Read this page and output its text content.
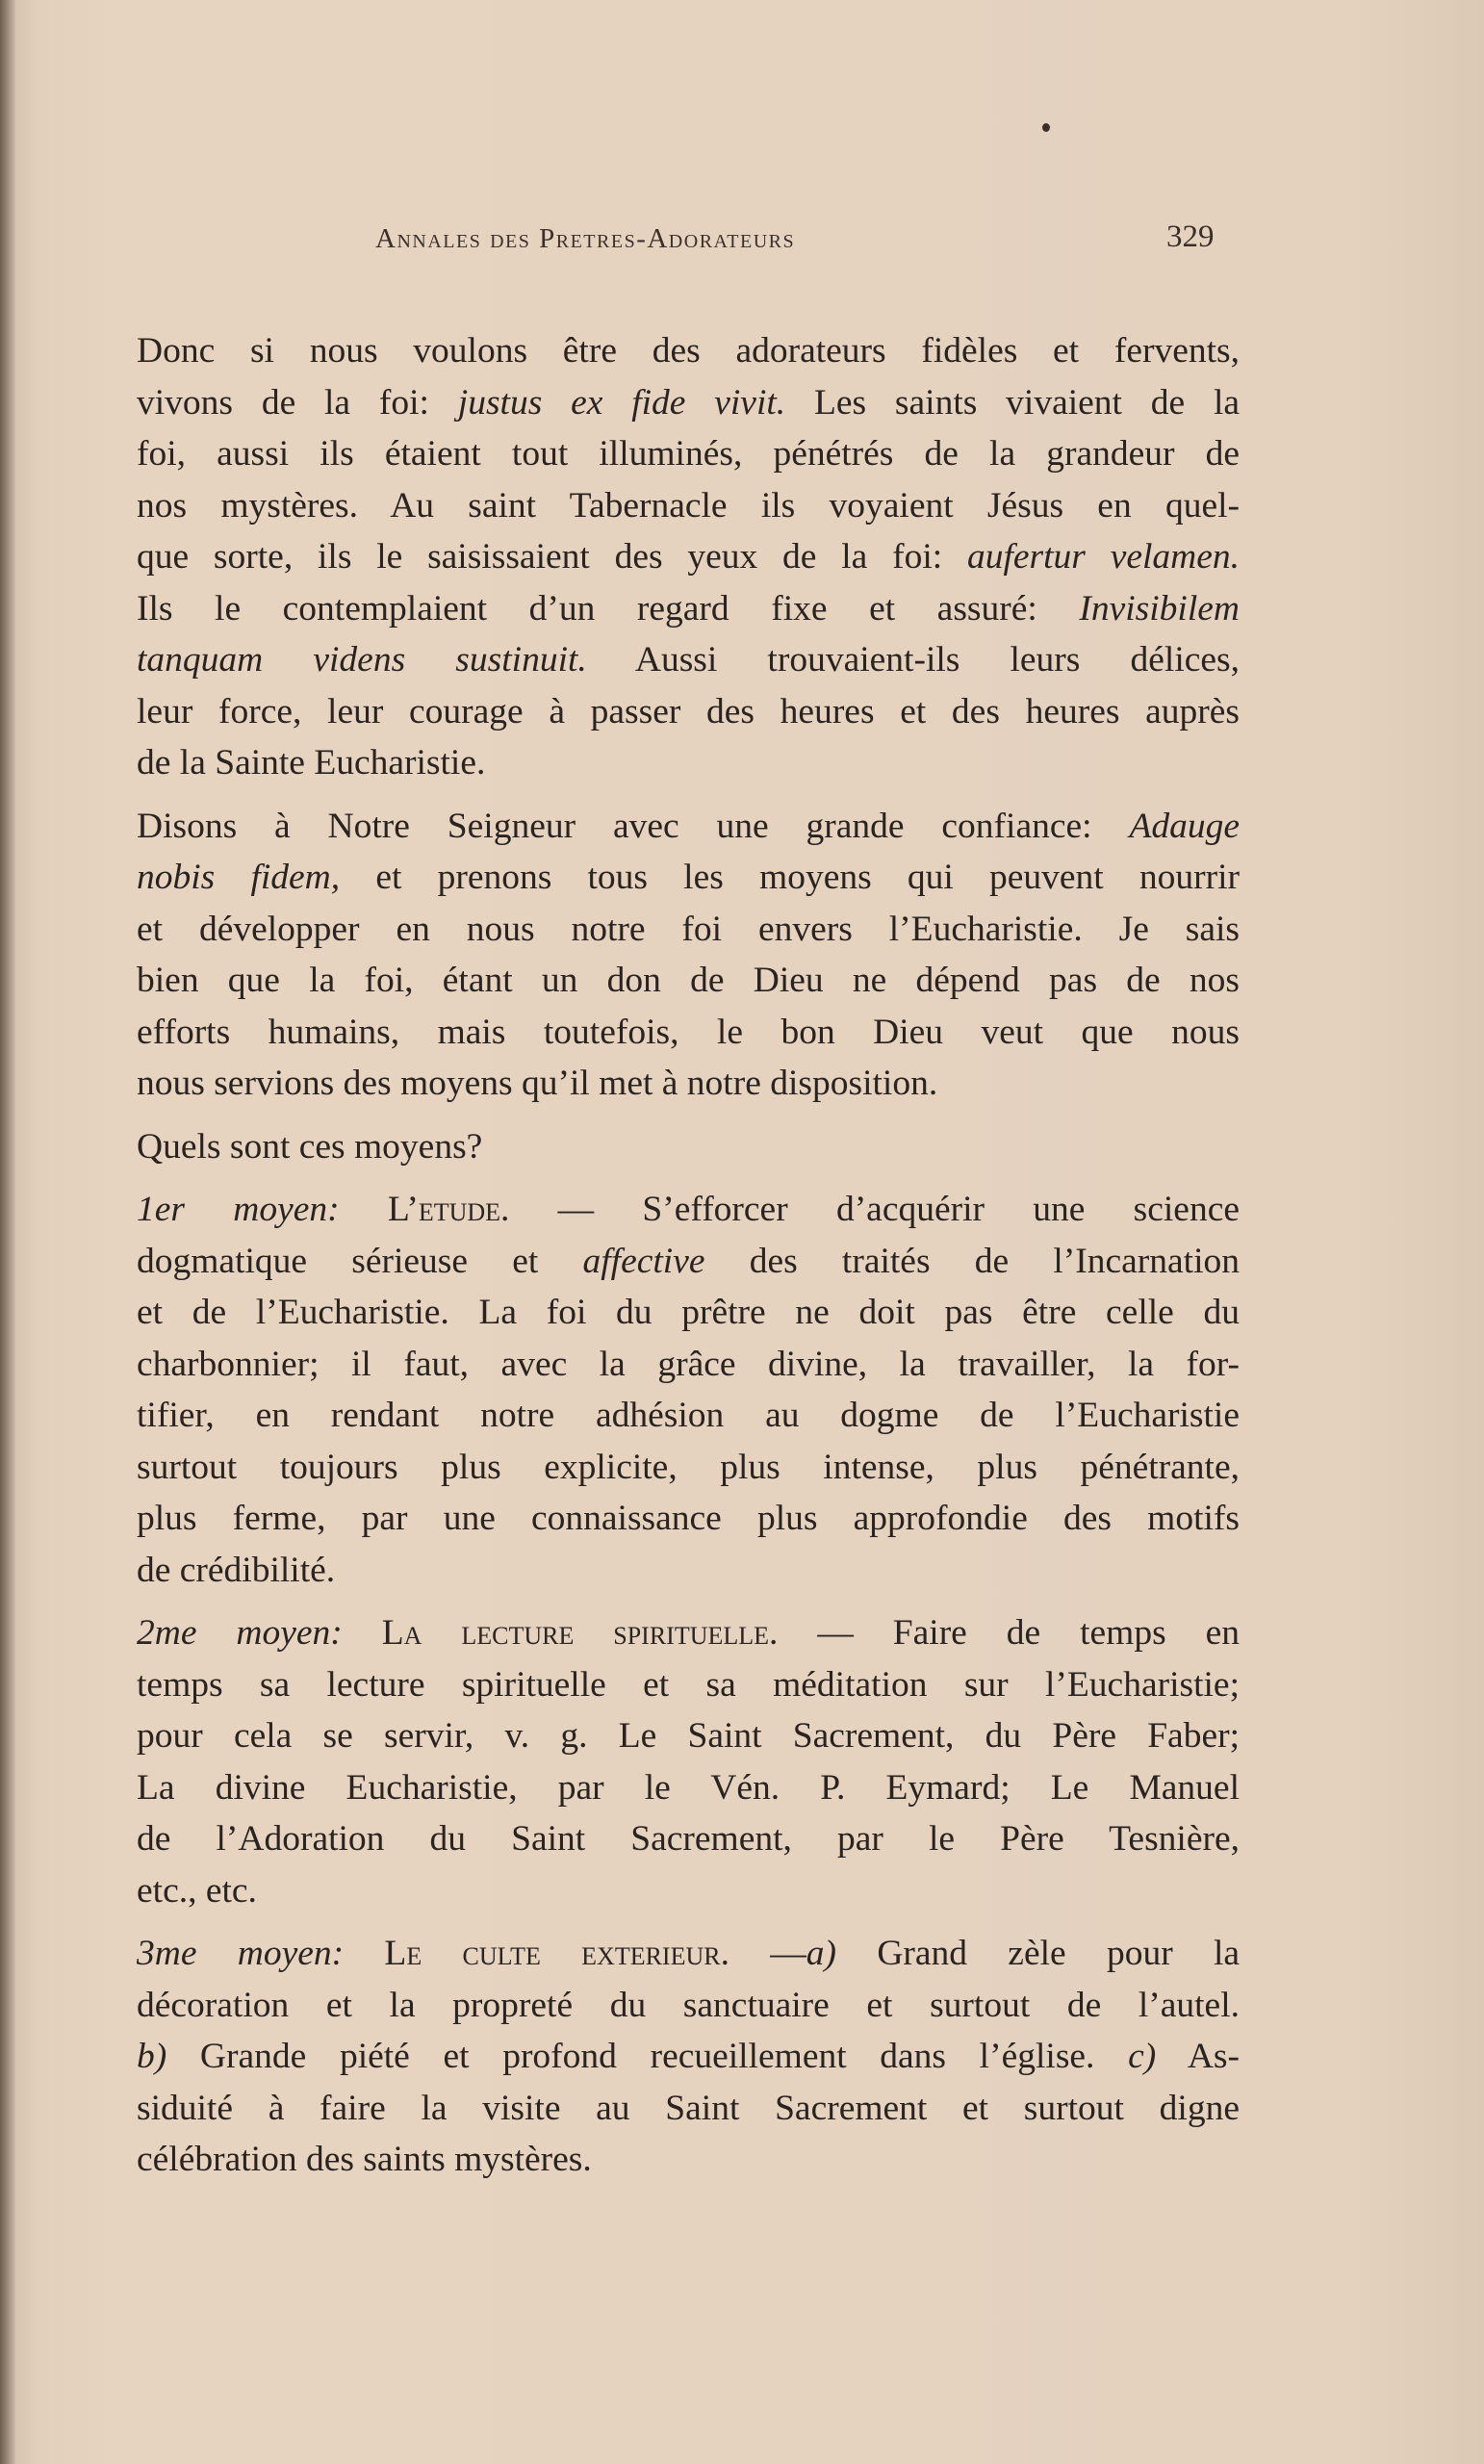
Annales des Pretres-Adorateurs	329

Donc si nous voulons être des adorateurs fidèles et fervents,
vivons de la foi: justus ex fide vivit. Les saints vivaient de la
foi, aussi ils étaient tout illuminés, pénétrés de la grandeur de
nos mystères. Au saint Tabernacle ils voyaient Jésus en quel-
que sorte, ils le saisissaient des yeux de la foi: aufertur velamen.
Ils le contemplaient d’un regard fixe et assuré: Invisibilem
tanquam videns sustinuit. Aussi trouvaient-ils leurs délices,
leur force, leur courage à passer des heures et des heures auprès
de la Sainte Eucharistie.

Disons à Notre Seigneur avec une grande confiance: Adauge
nobis fidem, et prenons tous les moyens qui peuvent nourrir
et développer en nous notre foi envers l’Eucharistie. Je sais
bien que la foi, étant un don de Dieu ne dépend pas de nos
efforts humains, mais toutefois, le bon Dieu veut que nous
nous servions des moyens qu’il met à notre disposition.

Quels sont ces moyens?

1er moyen: L’etude. — S’efforcer d’acquérir une science
dogmatique sérieuse et affective des traités de l’Incarnation
et de l’Eucharistie. La foi du prêtre ne doit pas être celle du
charbonnier; il faut, avec la grâce divine, la travailler, la for-
tifier, en rendant notre adhésion au dogme de l’Eucharistie
surtout toujours plus explicite, plus intense, plus pénétrante,
plus ferme, par une connaissance plus approfondie des motifs
de crédibilité.

2me moyen: La lecture spirituelle. — Faire de temps en
temps sa lecture spirituelle et sa méditation sur l’Eucharistie;
pour cela se servir, v. g. Le Saint Sacrement, du Père Faber;
La divine Eucharistie, par le Vén. P. Eymard; Le Manuel
de l’Adoration du Saint Sacrement, par le Père Tesnière,
etc., etc.

3me moyen: Le culte exterieur. —a) Grand zèle pour la
décoration et la propreté du sanctuaire et surtout de l’autel.
b) Grande piété et profond recueillement dans l’église. c) As-
siduité à faire la visite au Saint Sacrement et surtout digne
célébration des saints mystères.
